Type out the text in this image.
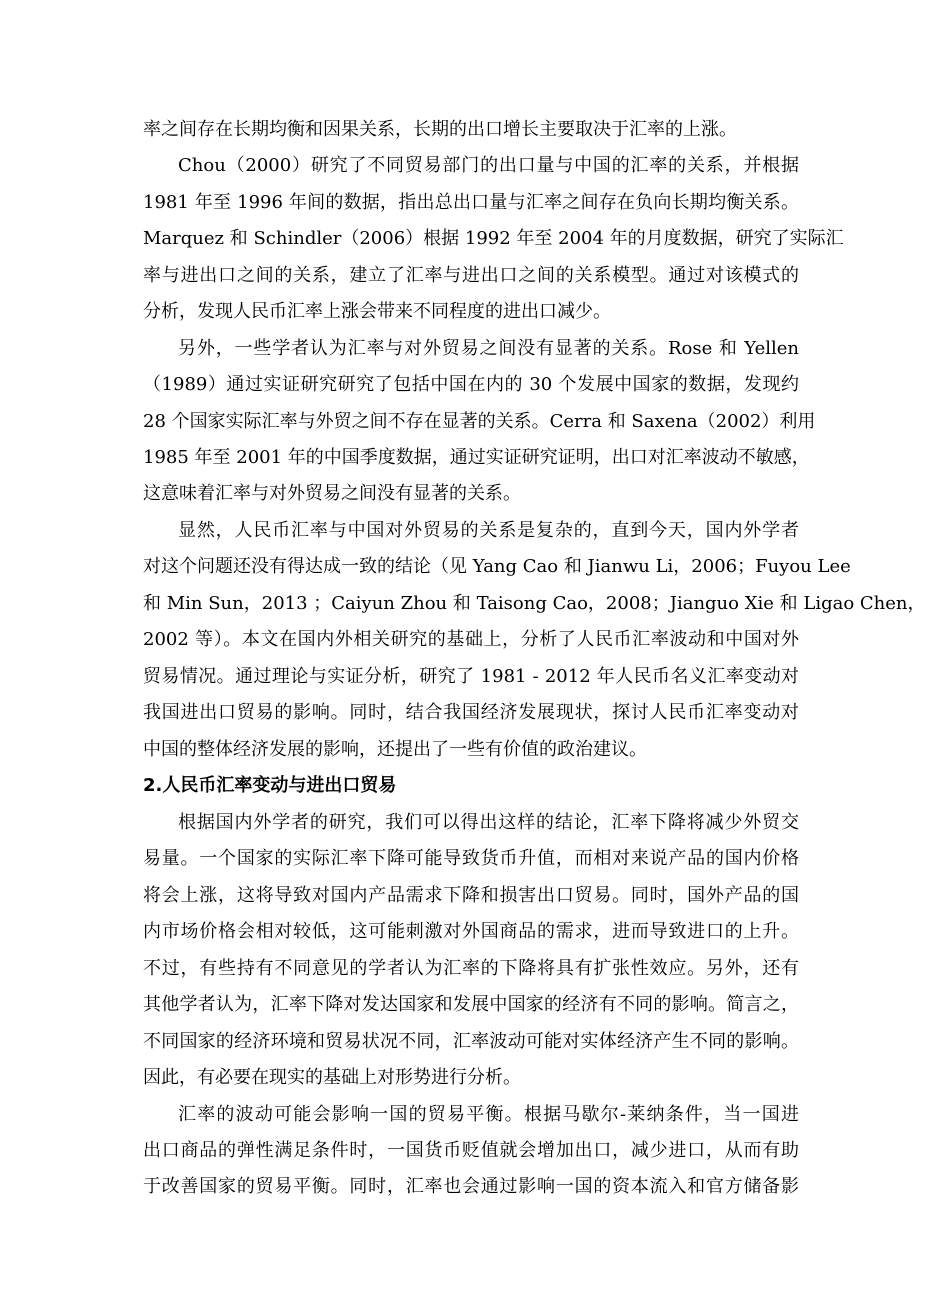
率之间存在长期均衡和因果关系，长期的出口增长主要取决于汇率的上涨。
Chou（2000）研究了不同贸易部门的出口量与中国的汇率的关系，并根据
1981 年至 1996 年间的数据，指出总出口量与汇率之间存在负向长期均衡关系。
Marquez 和 Schindler（2006）根据 1992 年至 2004 年的月度数据，研究了实际汇
率与进出口之间的关系，建立了汇率与进出口之间的关系模型。通过对该模式的
分析，发现人民币汇率上涨会带来不同程度的进出口减少。
另外，一些学者认为汇率与对外贸易之间没有显著的关系。Rose 和 Yellen
（1989）通过实证研究研究了包括中国在内的 30 个发展中国家的数据，发现约
28 个国家实际汇率与外贸之间不存在显著的关系。Cerra 和 Saxena（2002）利用
1985 年至 2001 年的中国季度数据，通过实证研究证明，出口对汇率波动不敏感，
这意味着汇率与对外贸易之间没有显著的关系。
显然，人民币汇率与中国对外贸易的关系是复杂的，直到今天，国内外学者
对这个问题还没有得达成一致的结论（见 Yang Cao 和 Jianwu Li，2006；Fuyou Lee
和 Min Sun，2013 ；Caiyun Zhou 和 Taisong Cao，2008；Jianguo Xie 和 Ligao Chen，
2002 等）。本文在国内外相关研究的基础上，分析了人民币汇率波动和中国对外
贸易情况。通过理论与实证分析，研究了 1981 - 2012 年人民币名义汇率变动对
我国进出口贸易的影响。同时，结合我国经济发展现状，探讨人民币汇率变动对
中国的整体经济发展的影响，还提出了一些有价值的政治建议。
2.人民币汇率变动与进出口贸易
根据国内外学者的研究，我们可以得出这样的结论，汇率下降将减少外贸交
易量。一个国家的实际汇率下降可能导致货币升值，而相对来说产品的国内价格
将会上涨，这将导致对国内产品需求下降和损害出口贸易。同时，国外产品的国
内市场价格会相对较低，这可能刺激对外国商品的需求，进而导致进口的上升。
不过，有些持有不同意见的学者认为汇率的下降将具有扩张性效应。另外，还有
其他学者认为，汇率下降对发达国家和发展中国家的经济有不同的影响。简言之，
不同国家的经济环境和贸易状况不同，汇率波动可能对实体经济产生不同的影响。
因此，有必要在现实的基础上对形势进行分析。
汇率的波动可能会影响一国的贸易平衡。根据马歇尔-莱纳条件，当一国进
出口商品的弹性满足条件时，一国货币贬值就会增加出口，减少进口，从而有助
于改善国家的贸易平衡。同时，汇率也会通过影响一国的资本流入和官方储备影
